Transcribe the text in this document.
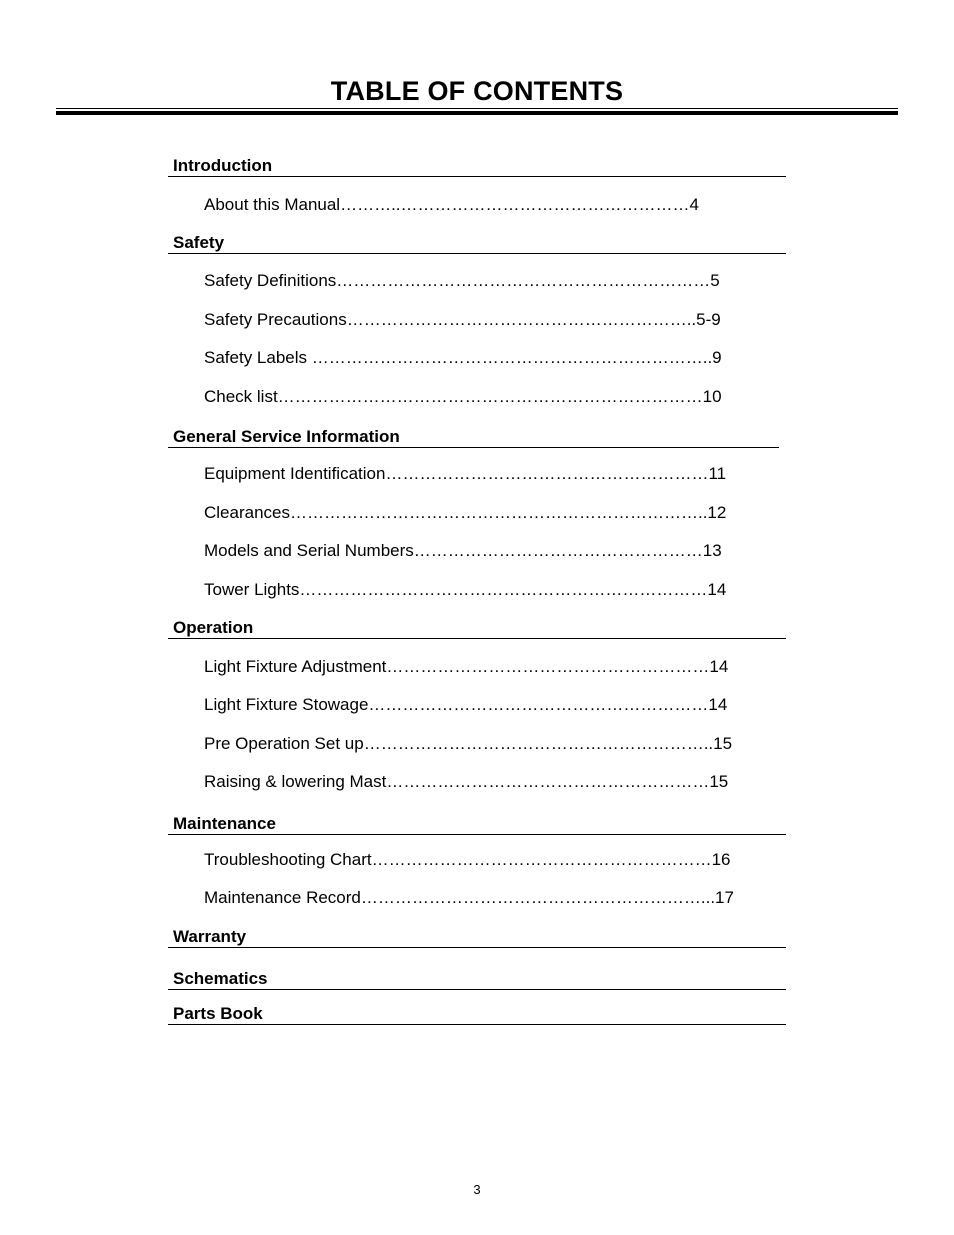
TABLE OF CONTENTS
Introduction
About this Manual………..……………………………………………4
Safety
Safety Definitions…………………………………………………………5
Safety Precautions……………………………………………………..5-9
Safety Labels ……………………………………………………………..9
Check list…………………………………………………………………10
General Service Information
Equipment Identification…………………………………………………11
Clearances………………………………………………………………..12
Models and Serial Numbers……………………………………………13
Tower Lights………………………………………………………………14
Operation
Light Fixture Adjustment…………………………………………………14
Light Fixture Stowage……………………………………………………14
Pre Operation Set up……………………………………………………..15
Raising & lowering Mast…………………………………………………15
Maintenance
Troubleshooting Chart……………………………………………………16
Maintenance Record……………………………………………………...17
Warranty
Schematics
Parts Book
3
